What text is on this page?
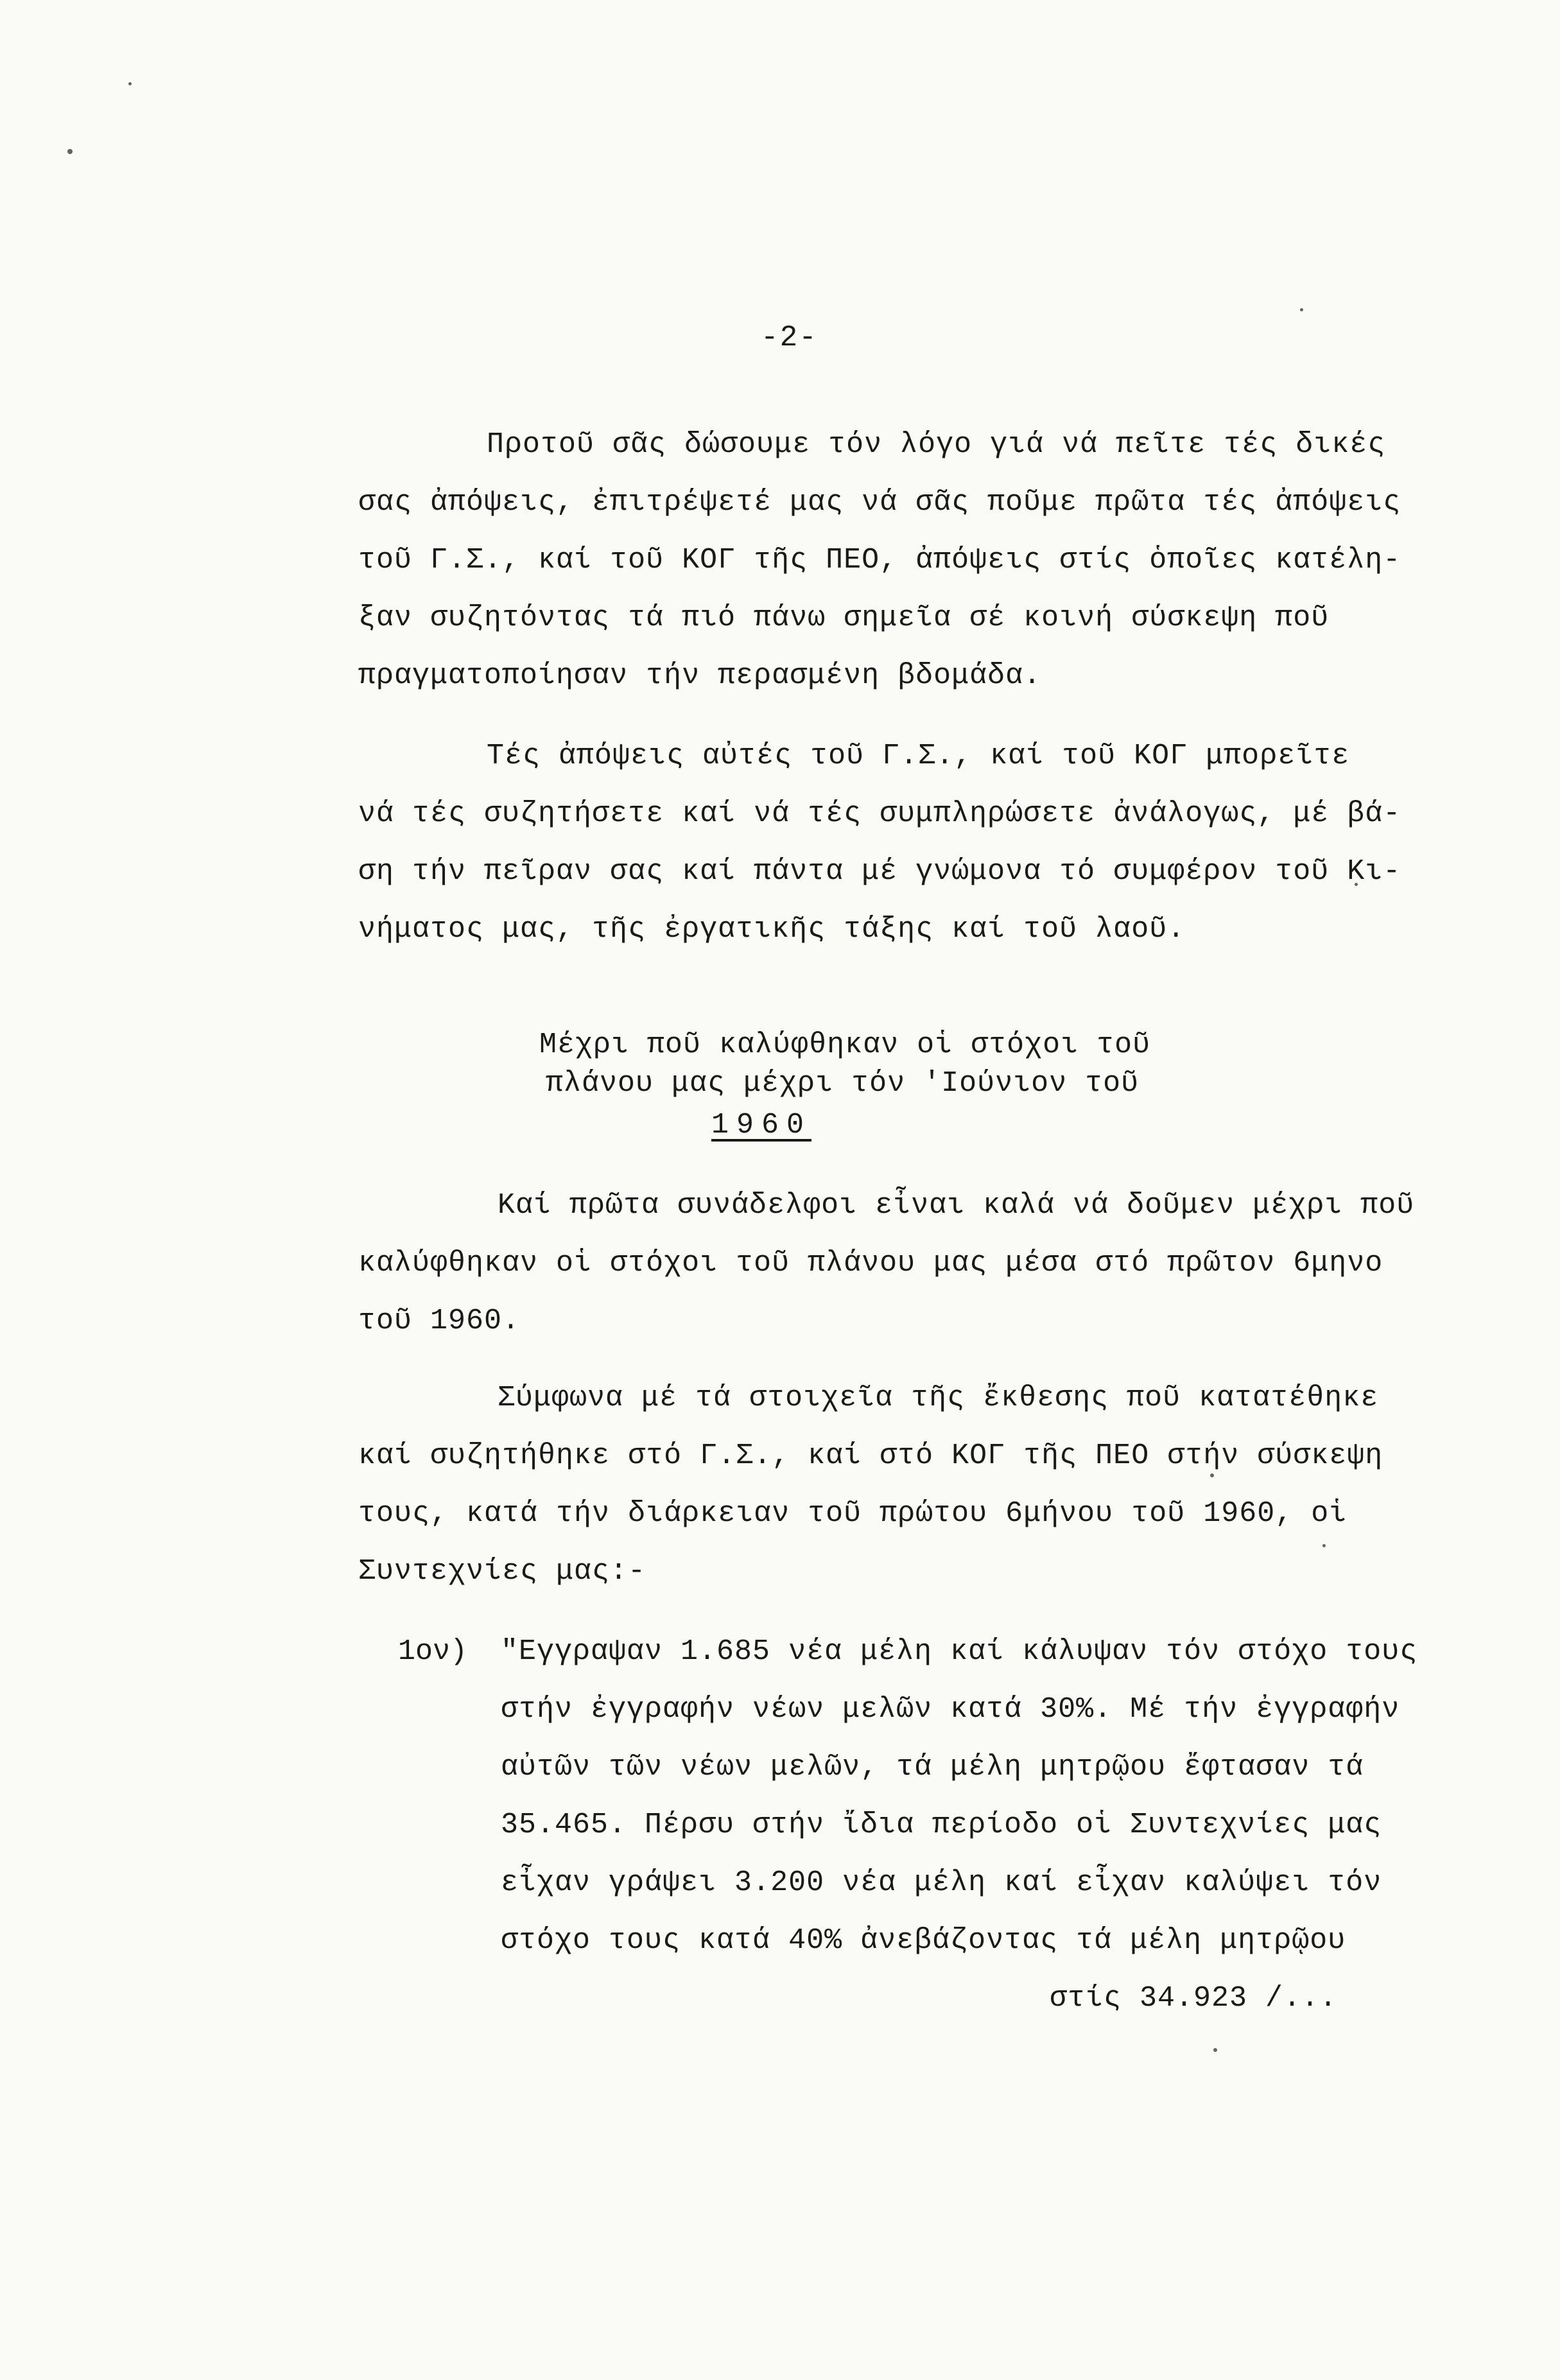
-2-
Προτοῦ σᾶς δώσουμε τόν λόγο γιά νά πεῖτε τές δικές
σας ἀπόψεις, ἐπιτρέψετέ μας νά σᾶς ποῦμε πρῶτα τές ἀπόψεις
τοῦ Γ.Σ., καί τοῦ ΚΟΓ τῆς ΠΕΟ, ἀπόψεις στίς ὁποῖες κατέλη-
ξαν συζητόντας τά πιό πάνω σημεῖα σέ κοινή σύσκεψη ποῦ
πραγματοποίησαν τήν περασμένη βδομάδα.
Τές ἀπόψεις αὐτές τοῦ Γ.Σ., καί τοῦ ΚΟΓ μπορεῖτε
νά τές συζητήσετε καί νά τές συμπληρώσετε ἀνάλογως, μέ βά-
ση τήν πεῖραν σας καί πάντα μέ γνώμονα τό συμφέρον τοῦ Κι-
νήματος μας, τῆς ἐργατικῆς τάξης καί τοῦ λαοῦ.
Μέχρι ποῦ καλύφθηκαν οἱ στόχοι τοῦ
πλάνου μας μέχρι τόν 'Ιούνιον τοῦ
1960
Καί πρῶτα συνάδελφοι εἶναι καλά νά δοῦμεν μέχρι ποῦ
καλύφθηκαν οἱ στόχοι τοῦ πλάνου μας μέσα στό πρῶτον 6μηνο
τοῦ 1960.
Σύμφωνα μέ τά στοιχεῖα τῆς ἔκθεσης ποῦ κατατέθηκε
καί συζητήθηκε στό Γ.Σ., καί στό ΚΟΓ τῆς ΠΕΟ στήν σύσκεψη
τους, κατά τήν διάρκειαν τοῦ πρώτου 6μήνου τοῦ 1960, οἱ
Συντεχνίες μας:-
1ον) "Εγγραψαν 1.685 νέα μέλη καί κάλυψαν τόν στόχο τους
στήν ἐγγραφήν νέων μελῶν κατά 30%. Μέ τήν ἐγγραφήν
αὐτῶν τῶν νέων μελῶν, τά μέλη μητρῷου ἔφτασαν τά
35.465. Πέρσυ στήν ἴδια περίοδο οἱ Συντεχνίες μας
εἶχαν γράψει 3.200 νέα μέλη καί εἶχαν καλύψει τόν
στόχο τους κατά 40% ἀνεβάζοντας τά μέλη μητρῷου
στίς 34.923 /...
